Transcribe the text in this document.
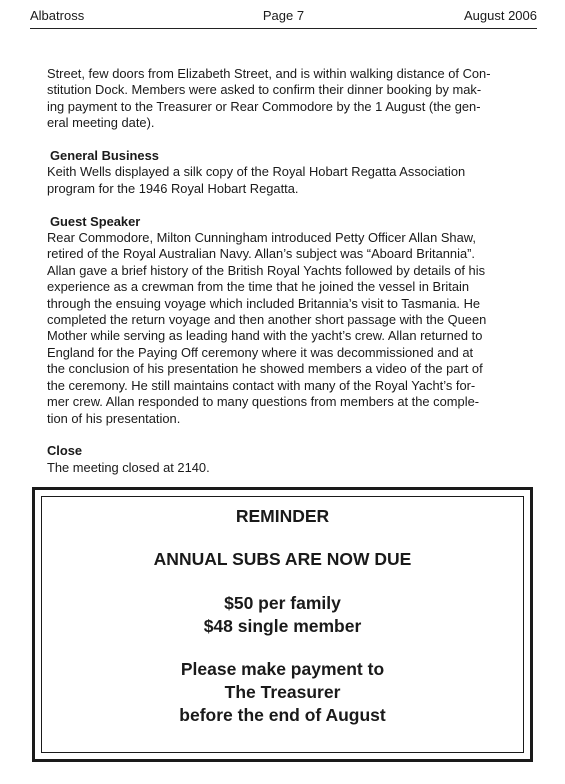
Albatross	Page 7	August 2006
Street, few doors from Elizabeth Street, and is within walking distance of Con-
stitution Dock. Members were asked to confirm their dinner booking by mak-
ing payment to the Treasurer or Rear Commodore by the 1 August (the gen-
eral meeting date).
General Business
Keith Wells displayed a silk copy of the Royal Hobart Regatta Association
program for the 1946 Royal Hobart Regatta.
Guest Speaker
Rear Commodore, Milton Cunningham introduced Petty Officer Allan Shaw,
retired of the Royal Australian Navy. Allan’s subject was “Aboard Britannia”.
Allan gave a brief history of the British Royal Yachts followed by details of his
experience as a crewman from the time that he joined the vessel in Britain
through the ensuing voyage which included Britannia’s visit to Tasmania. He
completed the return voyage and then another short passage with the Queen
Mother while serving as leading hand with the yacht’s crew. Allan returned to
England for the Paying Off ceremony where it was decommissioned and at
the conclusion of his presentation he showed members a video of the part of
the ceremony. He still maintains contact with many of the Royal Yacht’s for-
mer crew. Allan responded to many questions from members at the comple-
tion of his presentation.
Close
The meeting closed at 2140.
REMINDER
ANNUAL SUBS ARE NOW DUE
$50 per family
$48 single member
Please make payment to
The Treasurer
before the end of August
